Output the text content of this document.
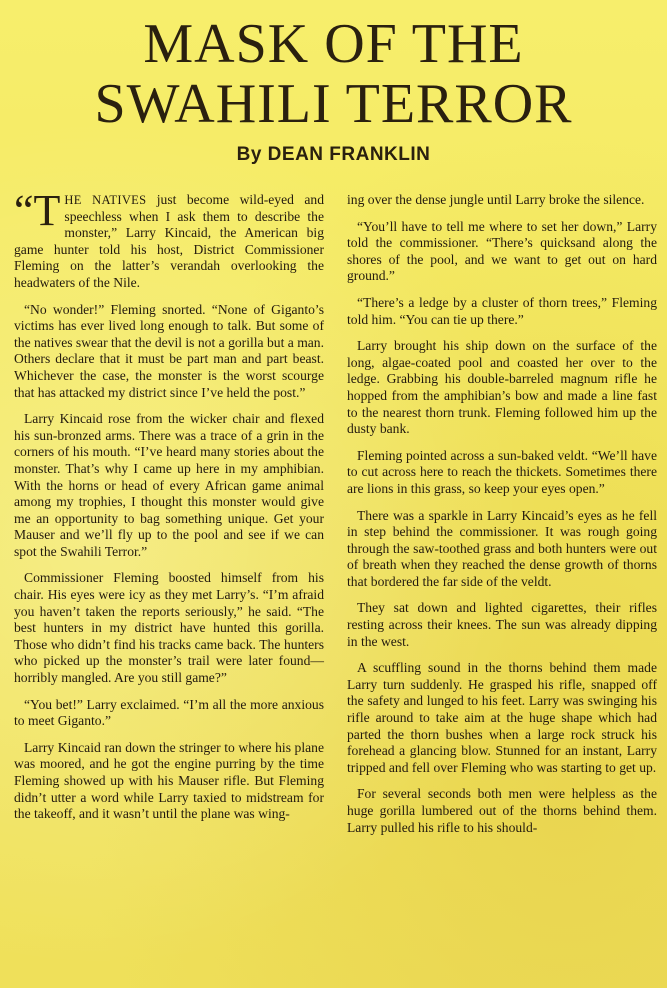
MASK OF THE
SWAHILI TERROR

By DEAN FRANKLIN

“T HE NATIVES just become wild-eyed and speechless when I ask them to describe the monster,” Larry Kincaid, the American big game hunter told his host, District Commissioner Fleming on the latter’s verandah overlooking the headwaters of the Nile.

“No wonder!” Fleming snorted. “None of Giganto’s victims has ever lived long enough to talk. But some of the natives swear that the devil is not a gorilla but a man. Others declare that it must be part man and part beast. Whichever the case, the monster is the worst scourge that has attacked my district since I’ve held the post.”

Larry Kincaid rose from the wicker chair and flexed his sun-bronzed arms. There was a trace of a grin in the corners of his mouth. “I’ve heard many stories about the monster. That’s why I came up here in my amphibian. With the horns or head of every African game animal among my trophies, I thought this monster would give me an opportunity to bag something unique. Get your Mauser and we’ll fly up to the pool and see if we can spot the Swahili Terror.”

Commissioner Fleming boosted himself from his chair. His eyes were icy as they met Larry’s. “I’m afraid you haven’t taken the reports seriously,” he said. “The best hunters in my district have hunted this gorilla. Those who didn’t find his tracks came back. The hunters who picked up the monster’s trail were later found—horribly mangled. Are you still game?”

“You bet!” Larry exclaimed. “I’m all the more anxious to meet Giganto.”

Larry Kincaid ran down the stringer to where his plane was moored, and he got the engine purring by the time Fleming showed up with his Mauser rifle. But Fleming didn’t utter a word while Larry taxied to midstream for the takeoff, and it wasn’t until the plane was wing-

ing over the dense jungle until Larry broke the silence.

“You’ll have to tell me where to set her down,” Larry told the commissioner. “There’s quicksand along the shores of the pool, and we want to get out on hard ground.”

“There’s a ledge by a cluster of thorn trees,” Fleming told him. “You can tie up there.”

Larry brought his ship down on the surface of the long, algae-coated pool and coasted her over to the ledge. Grabbing his double-barreled magnum rifle he hopped from the amphibian’s bow and made a line fast to the nearest thorn trunk. Fleming followed him up the dusty bank.

Fleming pointed across a sun-baked veldt. “We’ll have to cut across here to reach the thickets. Sometimes there are lions in this grass, so keep your eyes open.”

There was a sparkle in Larry Kincaid’s eyes as he fell in step behind the commissioner. It was rough going through the saw-toothed grass and both hunters were out of breath when they reached the dense growth of thorns that bordered the far side of the veldt.

They sat down and lighted cigarettes, their rifles resting across their knees. The sun was already dipping in the west.

A scuffling sound in the thorns behind them made Larry turn suddenly. He grasped his rifle, snapped off the safety and lunged to his feet. Larry was swinging his rifle around to take aim at the huge shape which had parted the thorn bushes when a large rock struck his forehead a glancing blow. Stunned for an instant, Larry tripped and fell over Fleming who was starting to get up.

For several seconds both men were helpless as the huge gorilla lumbered out of the thorns behind them. Larry pulled his rifle to his should-
